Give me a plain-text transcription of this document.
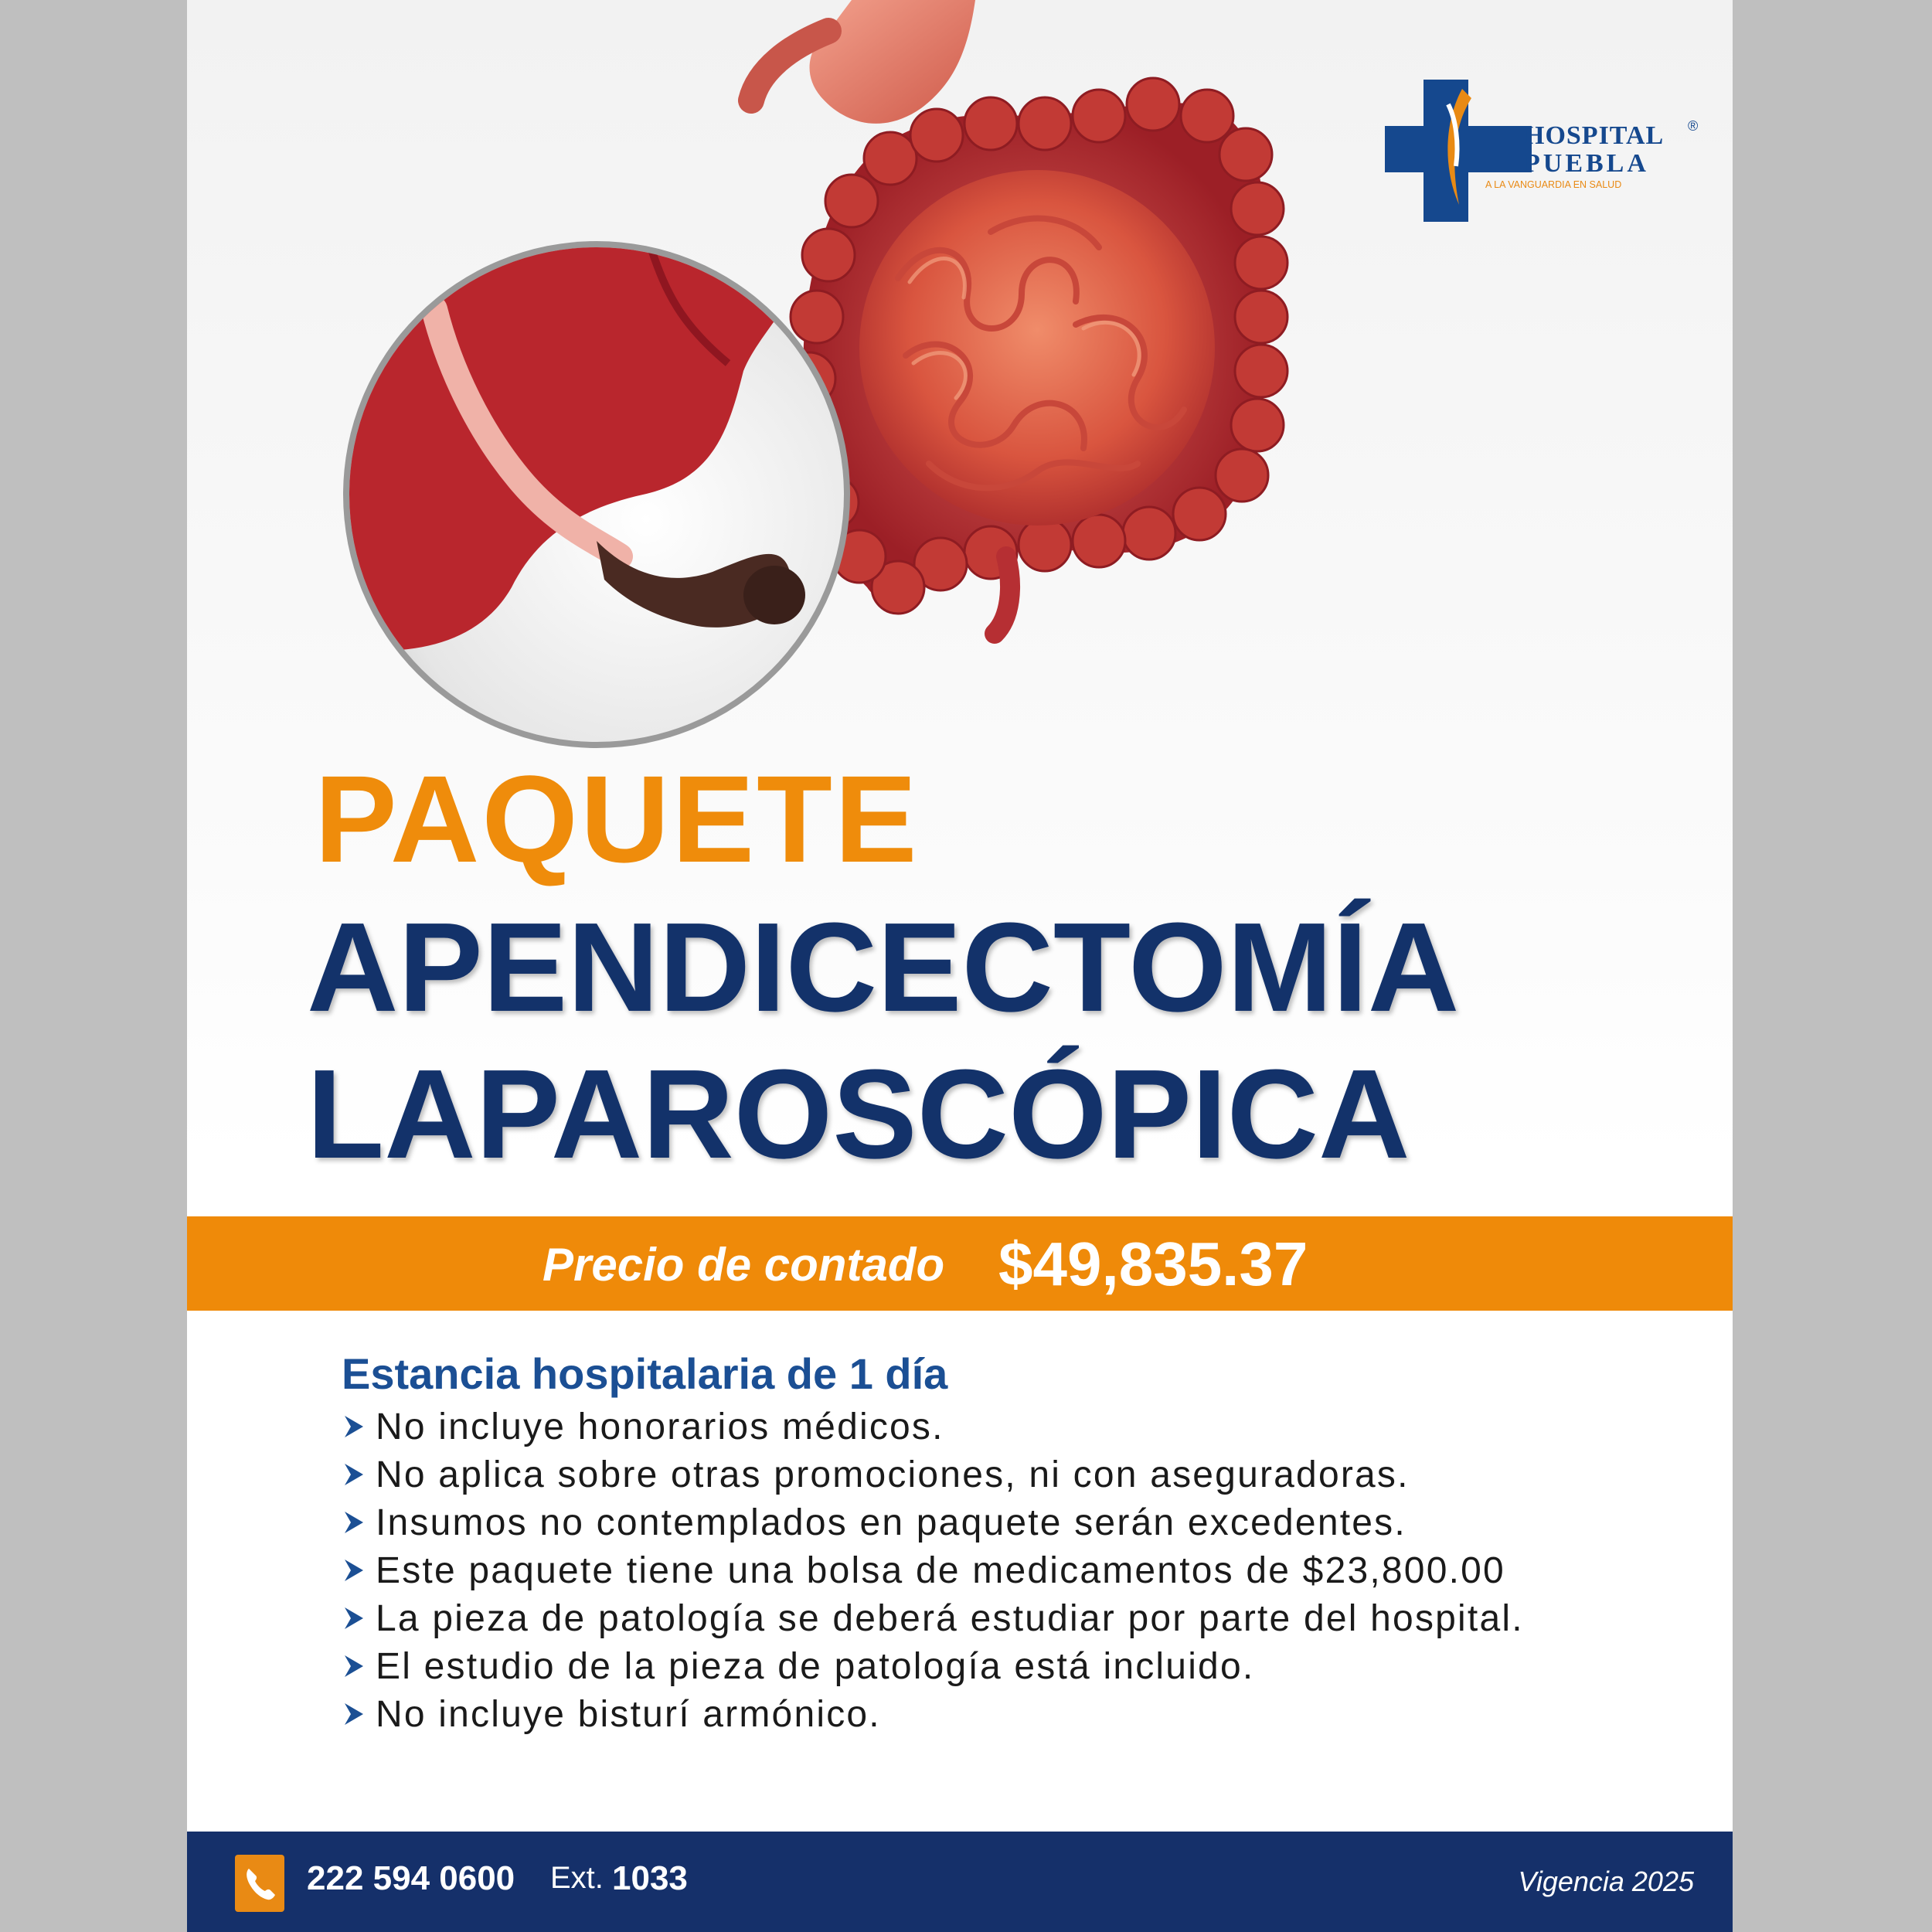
HOSPITAL
PUEBLA
®
A LA VANGUARDIA EN SALUD
PAQUETE
APENDICECTOMÍA
LAPAROSCÓPICA
Precio de contado $49,835.37
Estancia hospitalaria de 1 día
No incluye honorarios médicos.
No aplica sobre otras promociones, ni con aseguradoras.
Insumos no contemplados en paquete serán excedentes.
Este paquete tiene una bolsa de medicamentos de $23,800.00
La pieza de patología se deberá estudiar por parte del hospital.
El estudio de la pieza de patología está incluido.
No incluye bisturí armónico.
222 594 0600 Ext. 1033	Vigencia 2025
